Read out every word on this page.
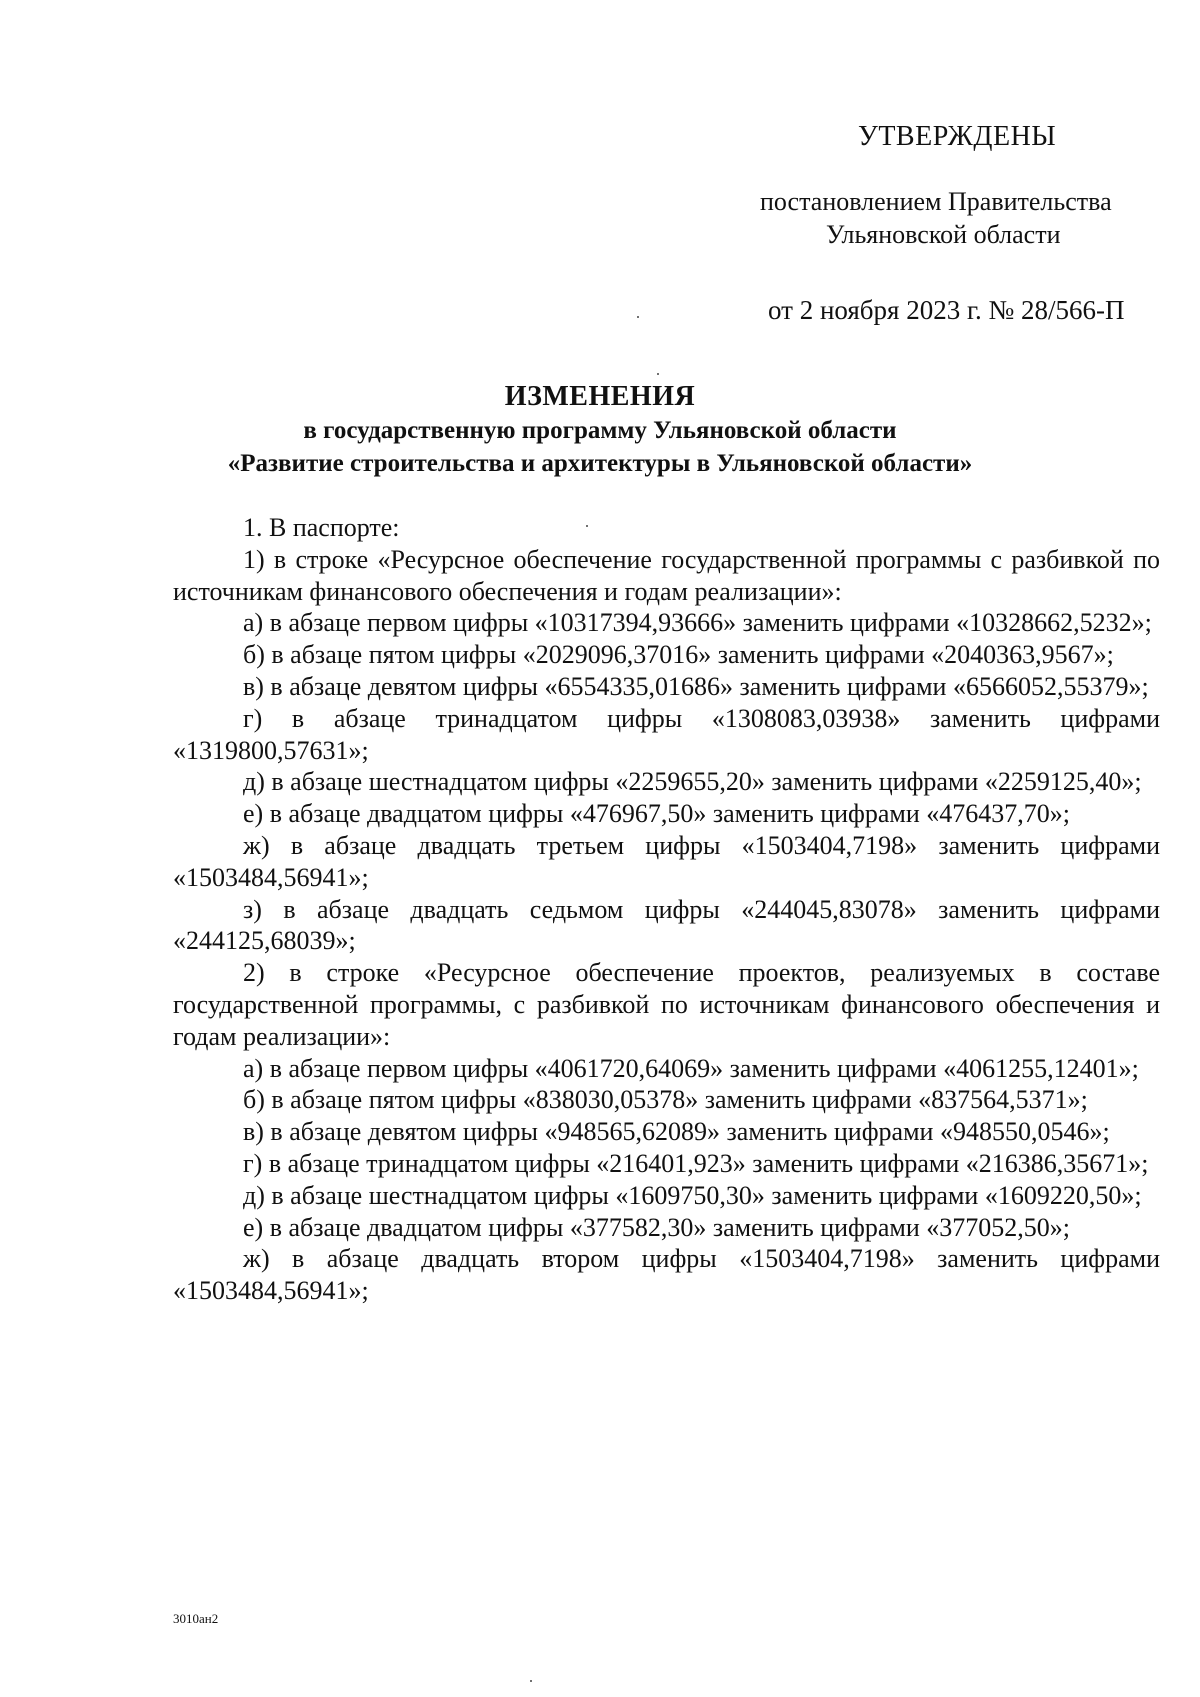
УТВЕРЖДЕНЫ
постановлением Правительства
Ульяновской области
от 2 ноября 2023 г. № 28/566-П
ИЗМЕНЕНИЯ
в государственную программу Ульяновской области
«Развитие строительства и архитектуры в Ульяновской области»

1. В паспорте:

1) в строке «Ресурсное обеспечение государственной программы с разбивкой по источникам финансового обеспечения и годам реализации»:

а) в абзаце первом цифры «10317394,93666» заменить цифрами «10328662,5232»;

б) в абзаце пятом цифры «2029096,37016» заменить цифрами «2040363,9567»;

в) в абзаце девятом цифры «6554335,01686» заменить цифрами «6566052,55379»;

г) в абзаце тринадцатом цифры «1308083,03938» заменить цифрами «1319800,57631»;

д) в абзаце шестнадцатом цифры «2259655,20» заменить цифрами «2259125,40»;

е) в абзаце двадцатом цифры «476967,50» заменить цифрами «476437,70»;

ж) в абзаце двадцать третьем цифры «1503404,7198» заменить цифрами «1503484,56941»;

з) в абзаце двадцать седьмом цифры «244045,83078» заменить цифрами «244125,68039»;

2) в строке «Ресурсное обеспечение проектов, реализуемых в составе государственной программы, с разбивкой по источникам финансового обеспечения и годам реализации»:

а) в абзаце первом цифры «4061720,64069» заменить цифрами «4061255,12401»;

б) в абзаце пятом цифры «838030,05378» заменить цифрами «837564,5371»;

в) в абзаце девятом цифры «948565,62089» заменить цифрами «948550,0546»;

г) в абзаце тринадцатом цифры «216401,923» заменить цифрами «216386,35671»;

д) в абзаце шестнадцатом цифры «1609750,30» заменить цифрами «1609220,50»;

е) в абзаце двадцатом цифры «377582,30» заменить цифрами «377052,50»;

ж) в абзаце двадцать втором цифры «1503404,7198» заменить цифрами «1503484,56941»;

3010ан2
